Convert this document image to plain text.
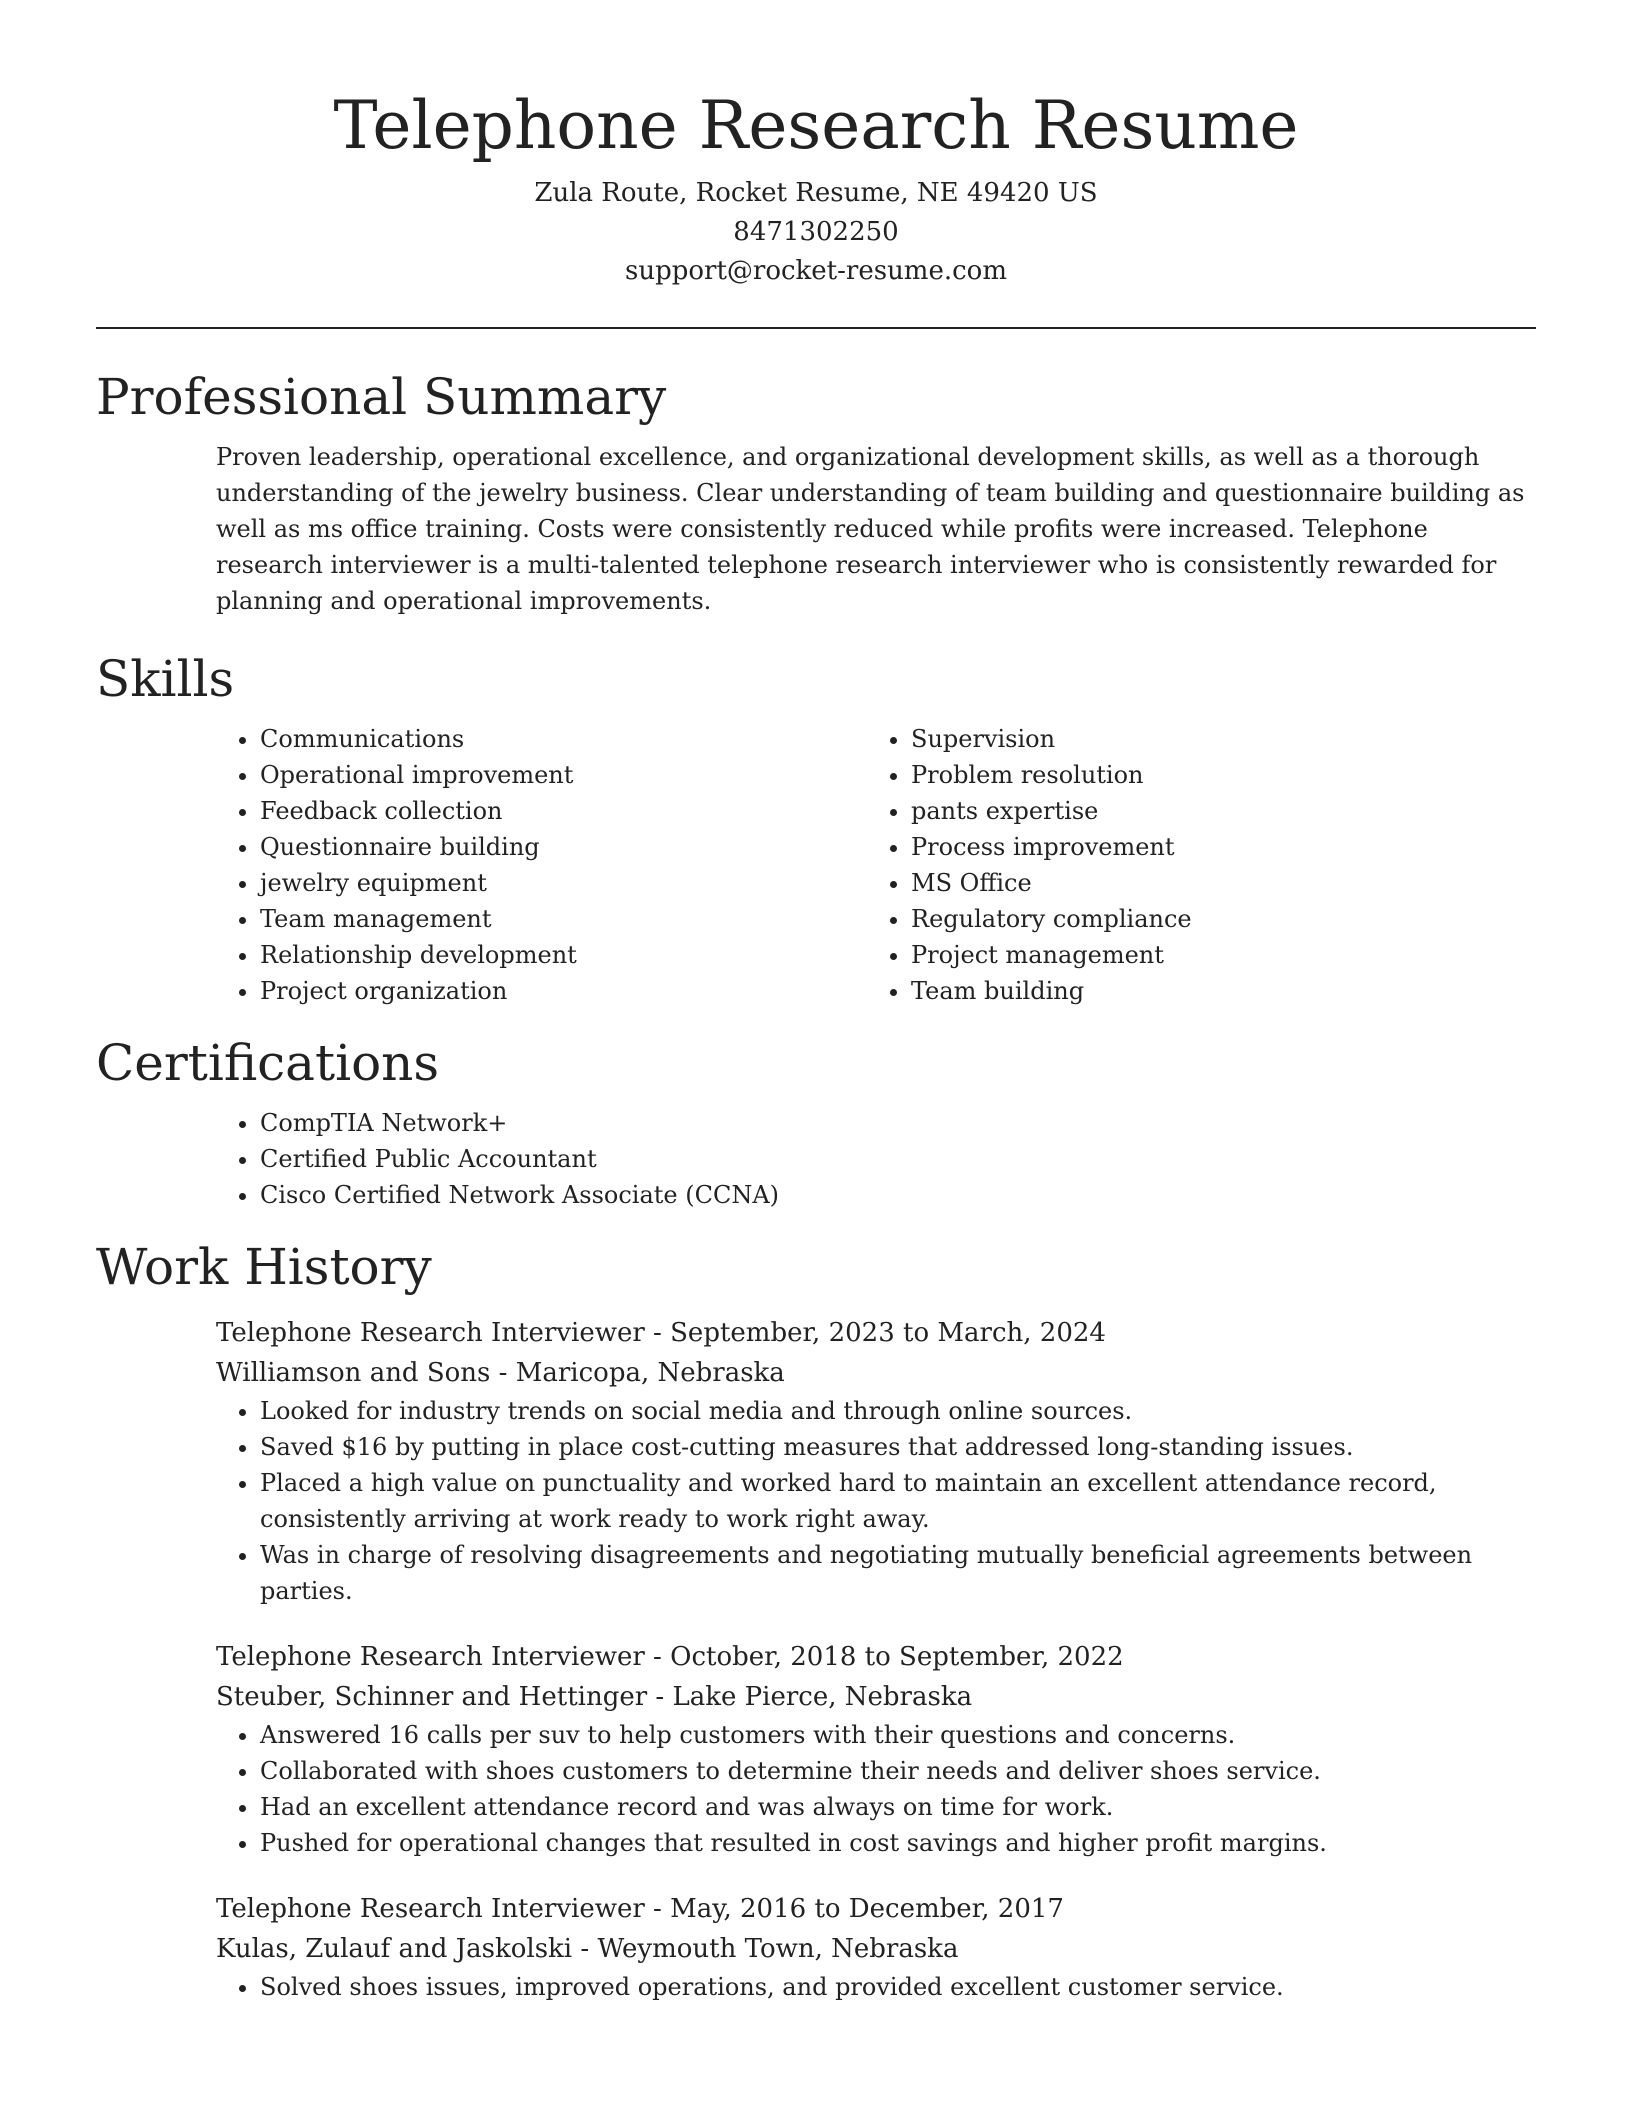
Telephone Research Resume

Zula Route, Rocket Resume, NE 49420 US

8471302250

support@rocket-resume.com

Professional Summary

Proven leadership, operational excellence, and organizational development skills, as well as a thorough understanding of the jewelry business. Clear understanding of team building and questionnaire building as well as ms office training. Costs were consistently reduced while profits were increased. Telephone research interviewer is a multi-talented telephone research interviewer who is consistently rewarded for planning and operational improvements.

Skills
• Communications
• Operational improvement
• Feedback collection
• Questionnaire building
• jewelry equipment
• Team management
• Relationship development
• Project organization
• Supervision
• Problem resolution
• pants expertise
• Process improvement
• MS Office
• Regulatory compliance
• Project management
• Team building
Certifications
• CompTIA Network+
• Certified Public Accountant
• Cisco Certified Network Associate (CCNA)
Work History

Telephone Research Interviewer - September, 2023 to March, 2024

Williamson and Sons - Maricopa, Nebraska

• Looked for industry trends on social media and through online sources.
• Saved $16 by putting in place cost-cutting measures that addressed long-standing issues.
• Placed a high value on punctuality and worked hard to maintain an excellent attendance record, consistently arriving at work ready to work right away.
• Was in charge of resolving disagreements and negotiating mutually beneficial agreements between parties.

Telephone Research Interviewer - October, 2018 to September, 2022

Steuber, Schinner and Hettinger - Lake Pierce, Nebraska

• Answered 16 calls per suv to help customers with their questions and concerns.
• Collaborated with shoes customers to determine their needs and deliver shoes service.
• Had an excellent attendance record and was always on time for work.
• Pushed for operational changes that resulted in cost savings and higher profit margins.

Telephone Research Interviewer - May, 2016 to December, 2017

Kulas, Zulauf and Jaskolski - Weymouth Town, Nebraska

• Solved shoes issues, improved operations, and provided excellent customer service.
